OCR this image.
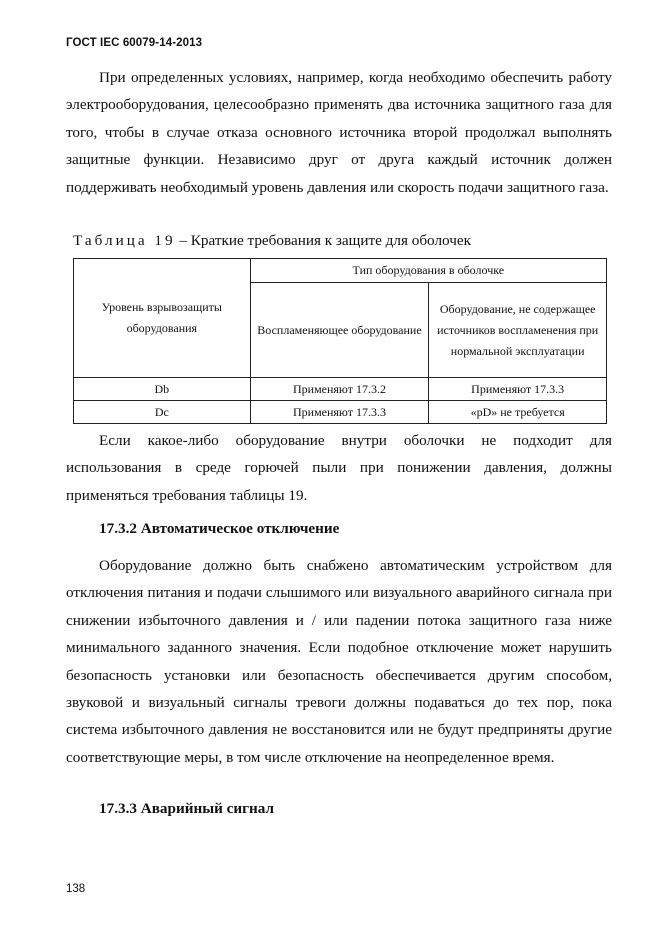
ГОСТ IEC 60079-14-2013

При определенных условиях, например, когда необходимо обеспечить работу электрооборудования, целесообразно применять два источника защитного газа для того, чтобы в случае отказа основного источника второй продолжал выполнять защитные функции. Независимо друг от друга каждый источник должен поддерживать необходимый уровень давления или скорость подачи защитного газа.

Таблица 19 – Краткие требования к защите для оболочек
Уровень взрывозащиты оборудования	Тип оборудования в оболочке	
	Воспламеняющее оборудование	Оборудование, не содержащее источников воспламенения при нормальной эксплуатации
Db	Применяют 17.3.2	Применяют 17.3.3
Dc	Применяют 17.3.3	«pD» не требуется

Если какое-либо оборудование внутри оболочки не подходит для использования в среде горючей пыли при понижении давления, должны применяться требования таблицы 19.

17.3.2 Автоматическое отключение

Оборудование должно быть снабжено автоматическим устройством для отключения питания и подачи слышимого или визуального аварийного сигнала при снижении избыточного давления и / или падении потока защитного газа ниже минимального заданного значения. Если подобное отключение может нарушить безопасность установки или безопасность обеспечивается другим способом, звуковой и визуальный сигналы тревоги должны подаваться до тех пор, пока система избыточного давления не восстановится или не будут предприняты другие соответствующие меры, в том числе отключение на неопределенное время.

17.3.3 Аварийный сигнал
138
